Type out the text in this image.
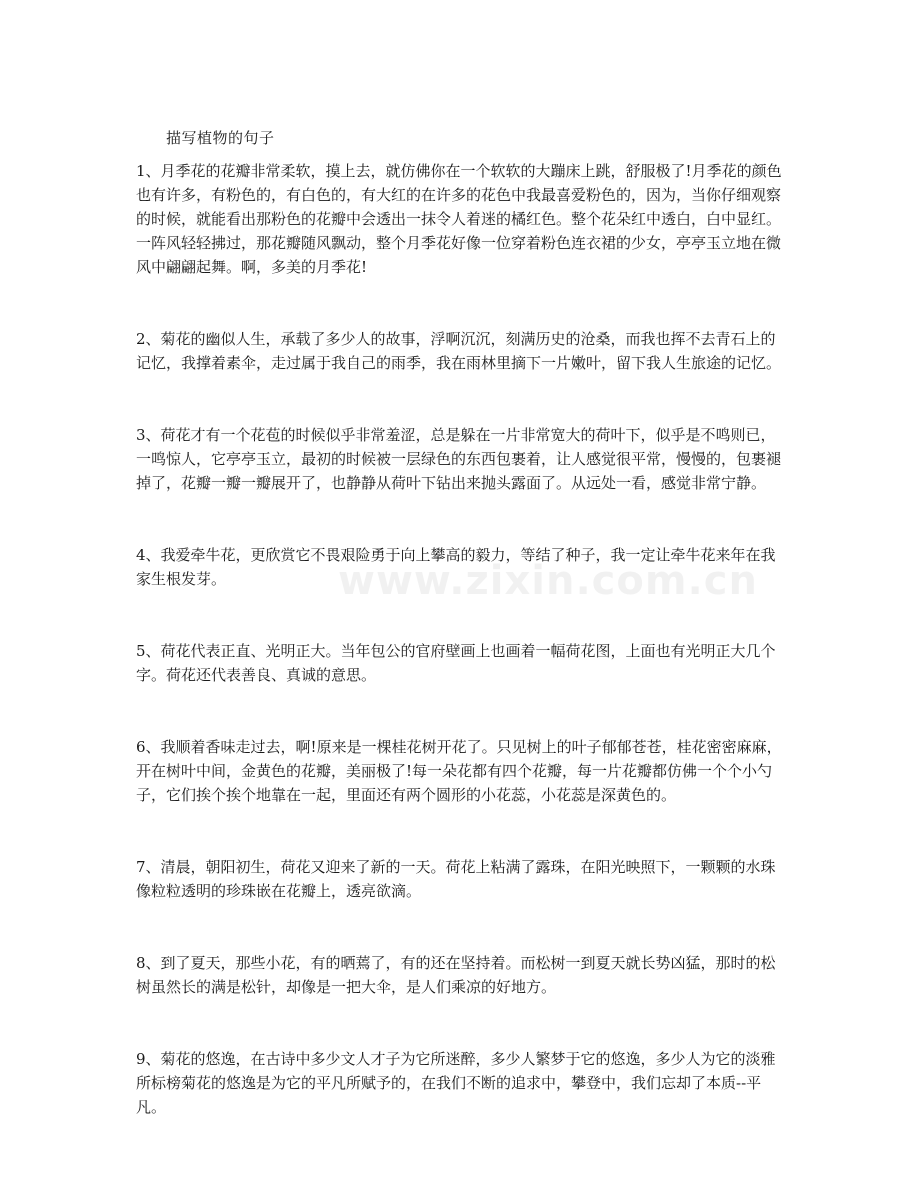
描写植物的句子

1、月季花的花瓣非常柔软，摸上去，就仿佛你在一个软软的大蹦床上跳，舒服极了!月季花的颜色也有许多，有粉色的，有白色的，有大红的在许多的花色中我最喜爱粉色的，因为，当你仔细观察的时候，就能看出那粉色的花瓣中会透出一抹令人着迷的橘红色。整个花朵红中透白，白中显红。一阵风轻轻拂过，那花瓣随风飘动，整个月季花好像一位穿着粉色连衣裙的少女，亭亭玉立地在微风中翩翩起舞。啊，多美的月季花!

2、菊花的幽似人生，承载了多少人的故事，浮啊沉沉，刻满历史的沧桑，而我也挥不去青石上的记忆，我撑着素伞，走过属于我自己的雨季，我在雨林里摘下一片嫩叶，留下我人生旅途的记忆。

3、荷花才有一个花苞的时候似乎非常羞涩，总是躲在一片非常宽大的荷叶下，似乎是不鸣则已，一鸣惊人，它亭亭玉立，最初的时候被一层绿色的东西包裹着，让人感觉很平常，慢慢的，包裹褪掉了，花瓣一瓣一瓣展开了，也静静从荷叶下钻出来抛头露面了。从远处一看，感觉非常宁静。

4、我爱牵牛花，更欣赏它不畏艰险勇于向上攀高的毅力，等结了种子，我一定让牵牛花来年在我家生根发芽。

5、荷花代表正直、光明正大。当年包公的官府壁画上也画着一幅荷花图，上面也有光明正大几个字。荷花还代表善良、真诚的意思。

6、我顺着香味走过去，啊!原来是一棵桂花树开花了。只见树上的叶子郁郁苍苍，桂花密密麻麻，开在树叶中间，金黄色的花瓣，美丽极了!每一朵花都有四个花瓣，每一片花瓣都仿佛一个个小勺子，它们挨个挨个地靠在一起，里面还有两个圆形的小花蕊，小花蕊是深黄色的。

7、清晨，朝阳初生，荷花又迎来了新的一天。荷花上粘满了露珠，在阳光映照下，一颗颗的水珠像粒粒透明的珍珠嵌在花瓣上，透亮欲滴。

8、到了夏天，那些小花，有的晒蔫了，有的还在坚持着。而松树一到夏天就长势凶猛，那时的松树虽然长的满是松针，却像是一把大伞，是人们乘凉的好地方。

9、菊花的悠逸，在古诗中多少文人才子为它所迷醉，多少人繁梦于它的悠逸，多少人为它的淡雅所标榜菊花的悠逸是为它的平凡所赋予的，在我们不断的追求中，攀登中，我们忘却了本质--平凡。

www.zixin.com.cn
